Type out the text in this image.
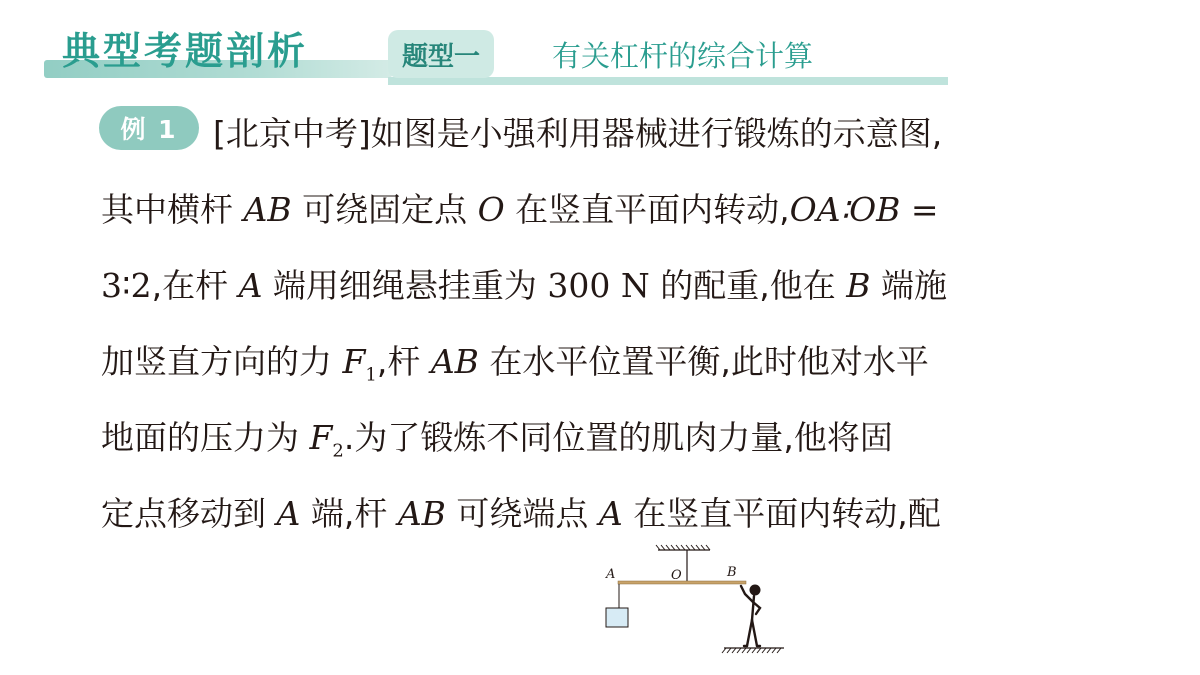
典型考题剖析	题型一 有关杠杆的综合计算
例 1	[北京中考]如图是小强利用器械进行锻炼的示意图,
其中横杆 AB 可绕固定点 O 在竖直平面内转动,OA∶OB =
3∶2,在杆 A 端用细绳悬挂重为 300 N 的配重,他在 B 端施
加竖直方向的力 $F_1$,杆 AB 在水平位置平衡,此时他对水平
地面的压力为 $F_2$.为了锻炼不同位置的肌肉力量,他将固
定点移动到 A 端,杆 AB 可绕端点 A 在竖直平面内转动,配
A	O	B
